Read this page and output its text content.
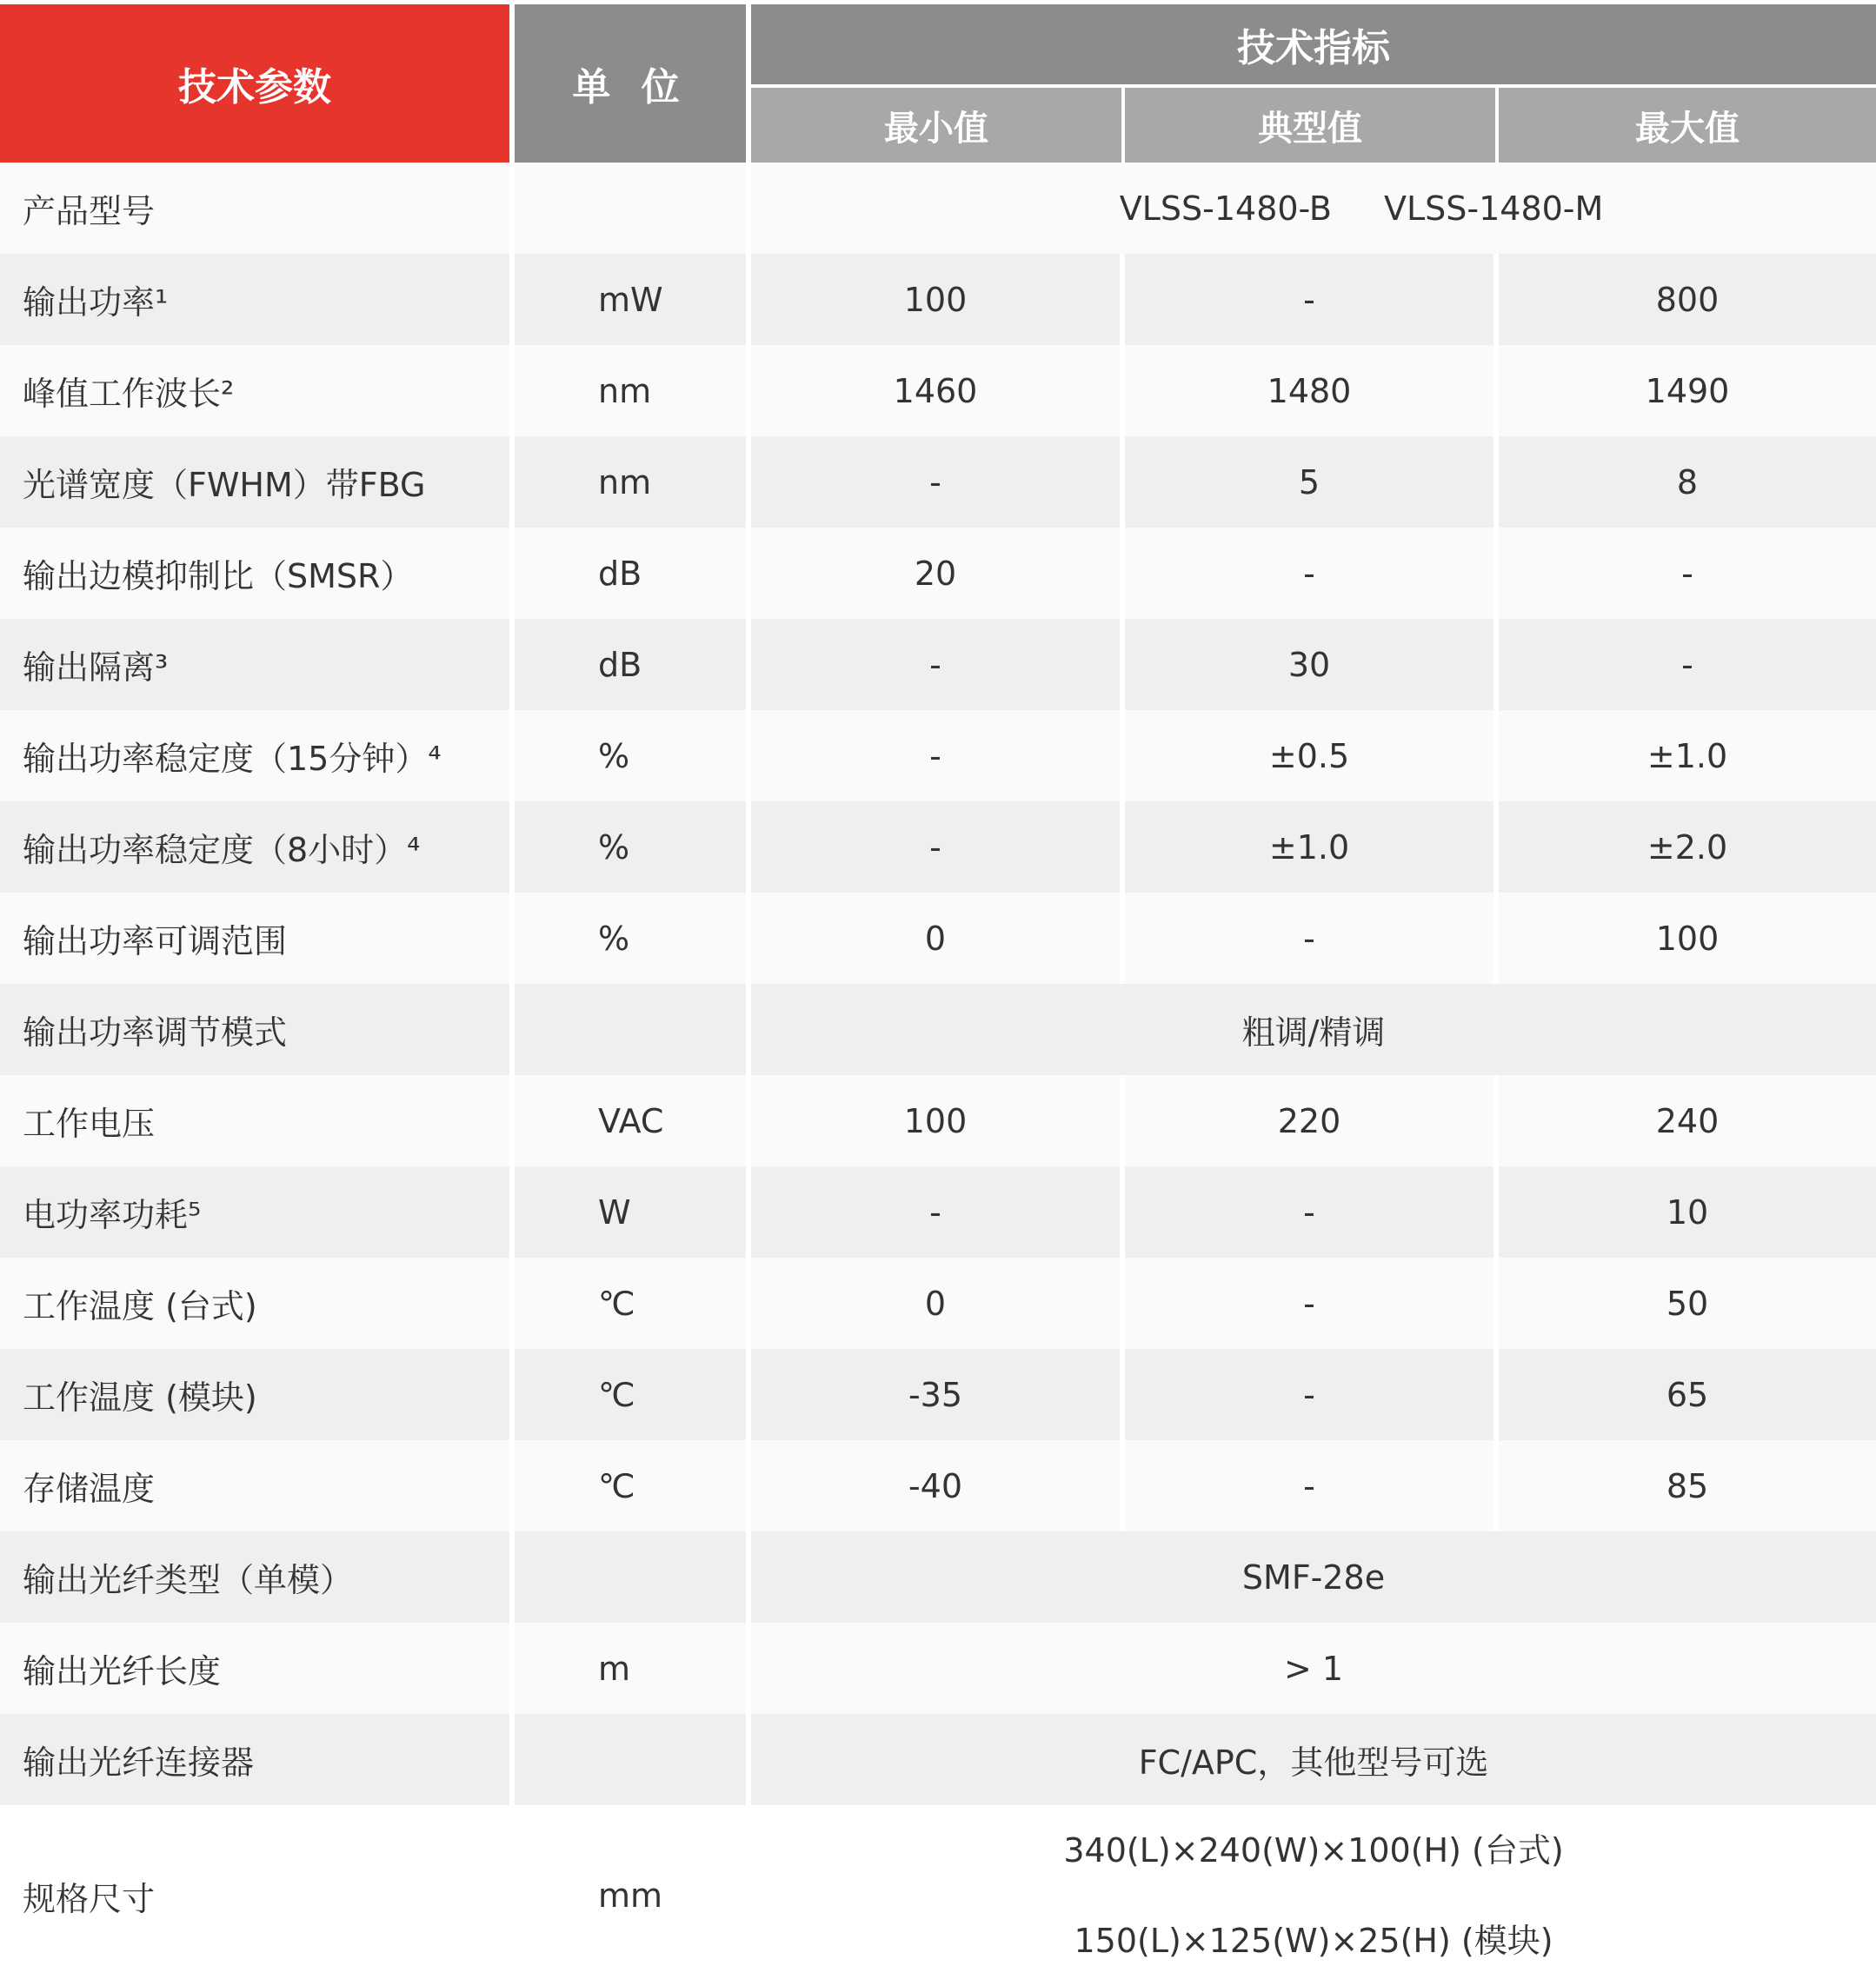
技术参数	单 位	技术指标		
		最小值	典型值	最大值
产品型号		VLSS-1480-B VLSS-1480-M		
输出功率¹	mW	100	-	800
峰值工作波长²	nm	1460	1480	1490
光谱宽度（FWHM）带FBG	nm	-	5	8
输出边模抑制比（SMSR）	dB	20	-	-
输出隔离³	dB	-	30	-
输出功率稳定度（15分钟）⁴	%	-	±0.5	±1.0
输出功率稳定度（8小时）⁴	%	-	±1.0	±2.0
输出功率可调范围	%	0	-	100
输出功率调节模式		粗调/精调		
工作电压	VAC	100	220	240
电功率功耗⁵	W	-	-	10
工作温度 (台式)	℃	0	-	50
工作温度 (模块)	℃	-35	-	65
存储温度	℃	-40	-	85
输出光纤类型（单模）		SMF-28e		
输出光纤长度	m	> 1		
输出光纤连接器		FC/APC，其他型号可选		
规格尺寸	mm	340(L)×240(W)×100(H) (台式)
150(L)×125(W)×25(H) (模块)		
